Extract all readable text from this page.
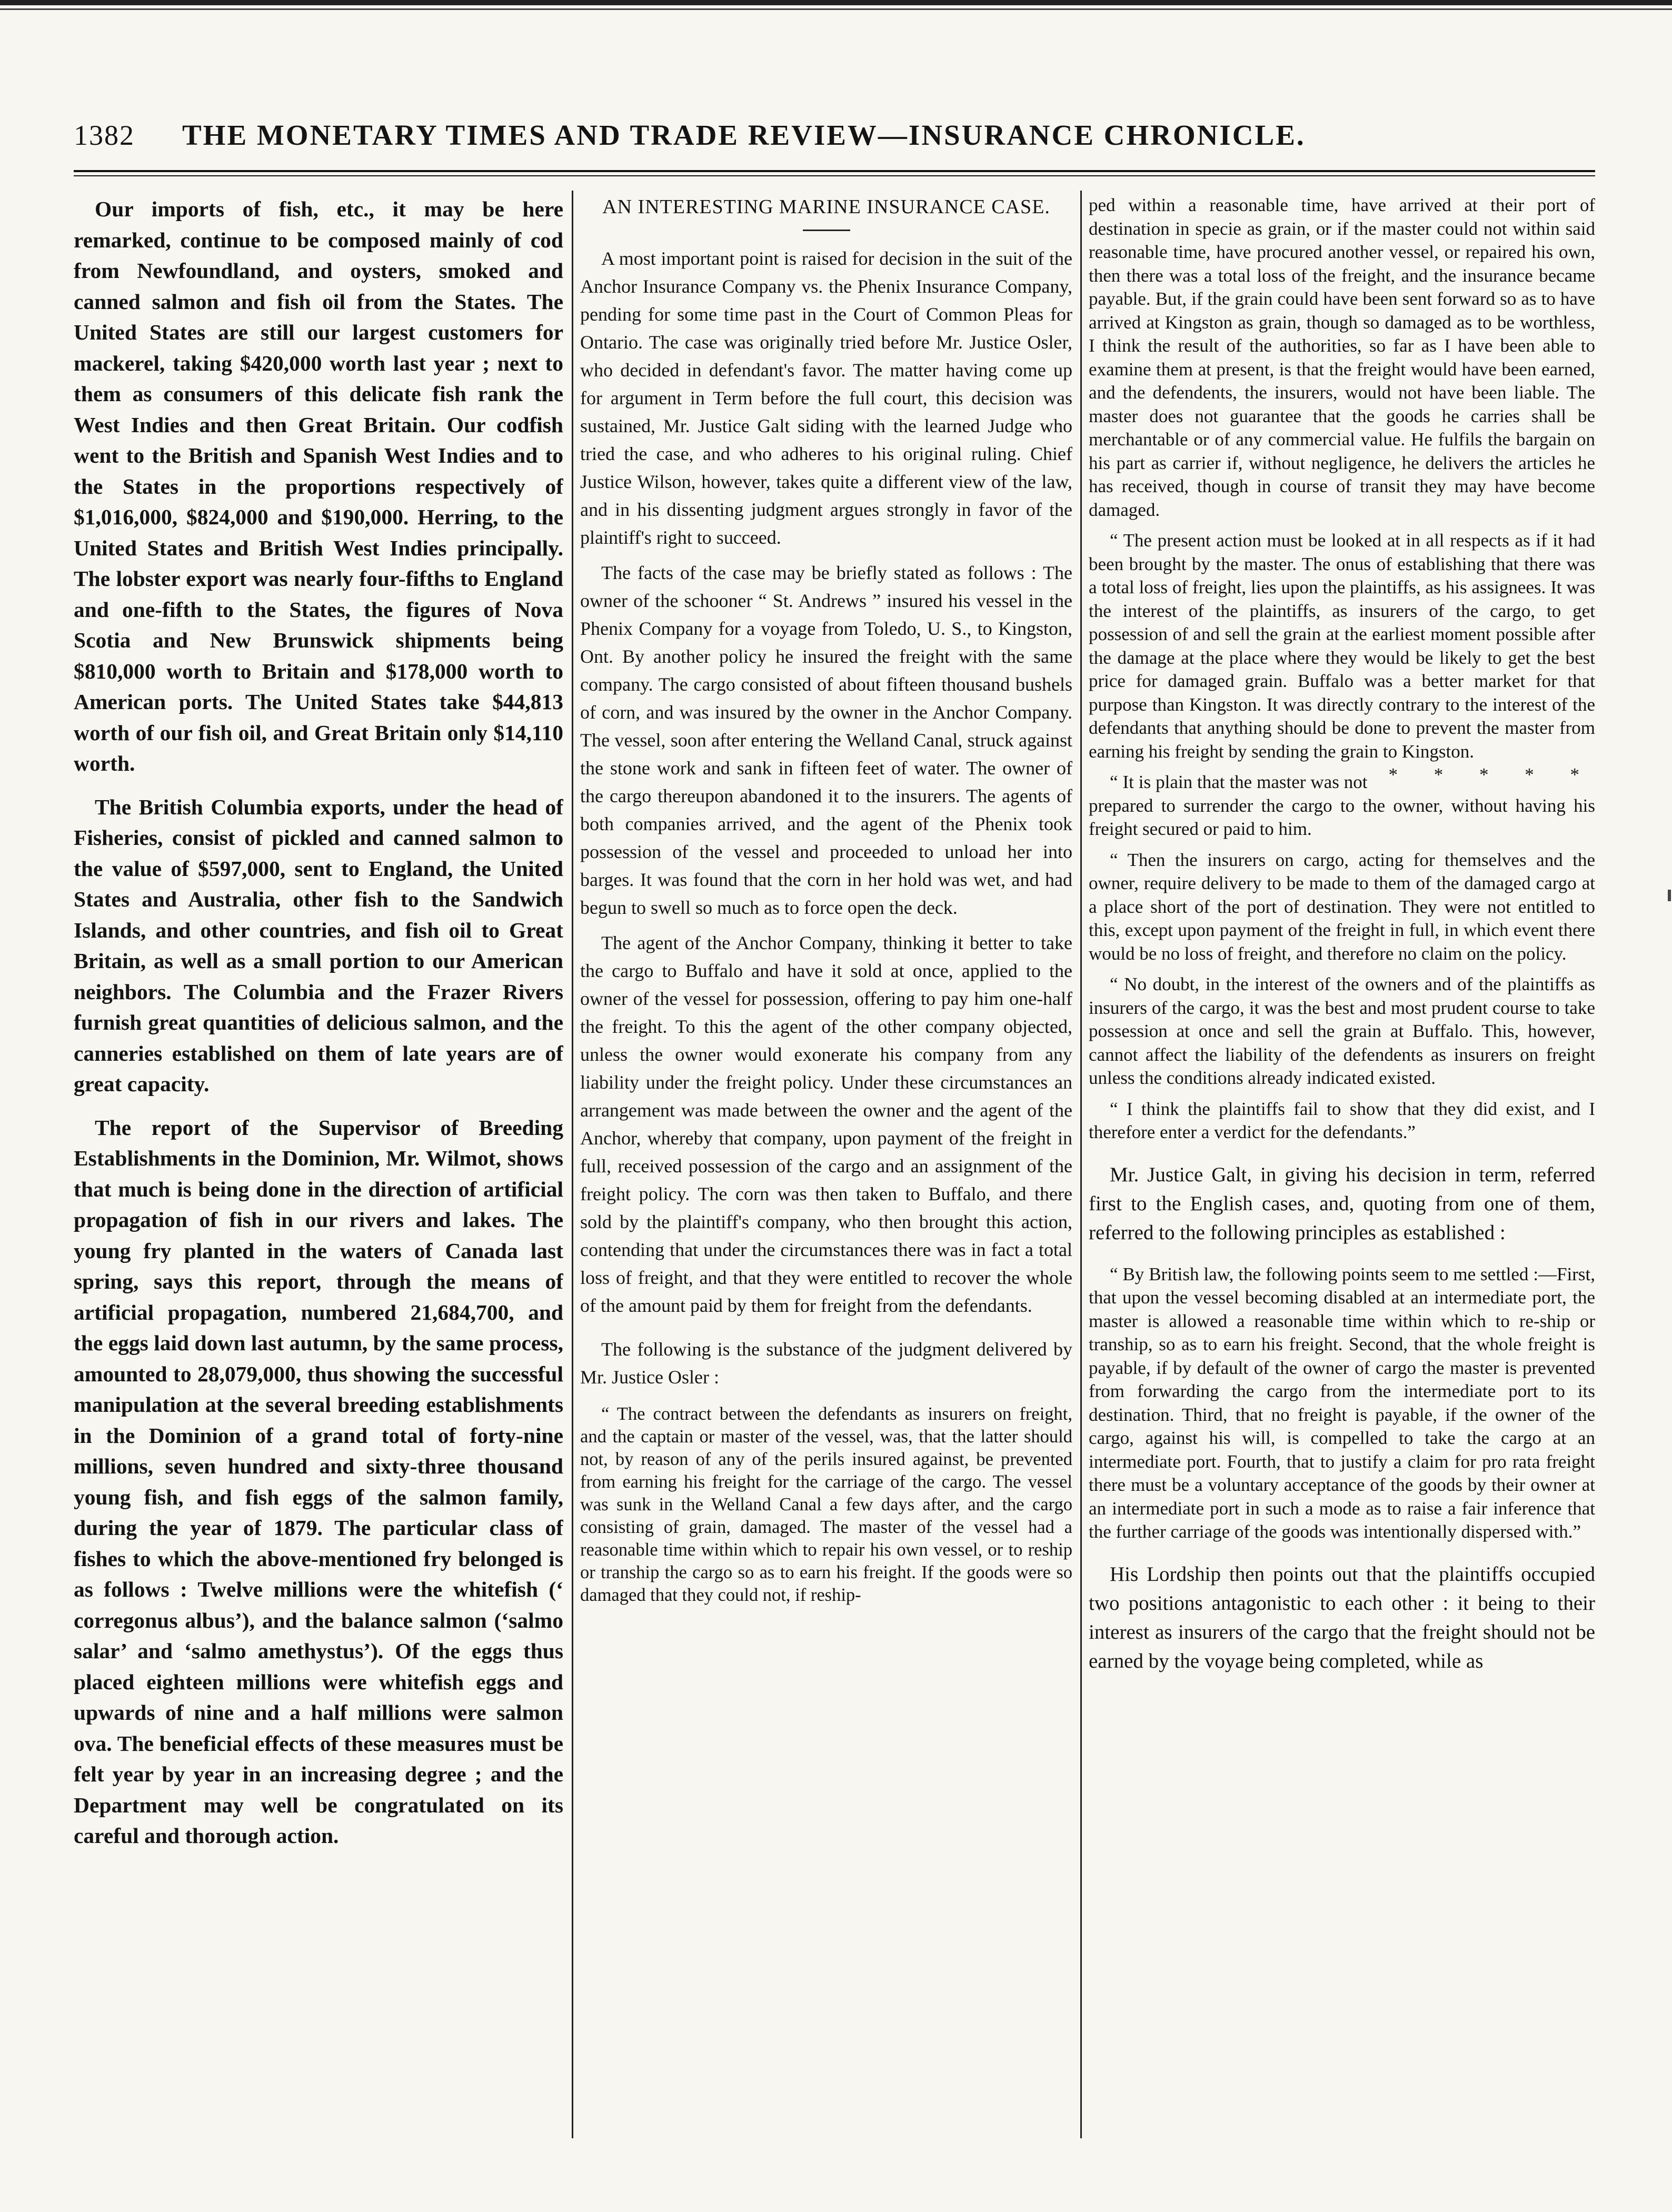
1382 THE MONETARY TIMES AND TRADE REVIEW—INSURANCE CHRONICLE.

Our imports of fish, etc., it may be here remarked, continue to be composed mainly of cod from Newfoundland, and oysters, smoked and canned salmon and fish oil from the States. The United States are still our largest customers for mackerel, taking $420,000 worth last year ; next to them as consumers of this delicate fish rank the West Indies and then Great Britain. Our codfish went to the British and Spanish West Indies and to the States in the proportions respectively of $1,016,000, $824,000 and $190,000. Herring, to the United States and British West Indies principally. The lobster export was nearly four-fifths to England and one-fifth to the States, the figures of Nova Scotia and New Brunswick shipments being $810,000 worth to Britain and $178,000 worth to American ports. The United States take $44,813 worth of our fish oil, and Great Britain only $14,110 worth.

The British Columbia exports, under the head of Fisheries, consist of pickled and canned salmon to the value of $597,000, sent to England, the United States and Australia, other fish to the Sandwich Islands, and other countries, and fish oil to Great Britain, as well as a small portion to our American neighbors. The Columbia and the Frazer Rivers furnish great quantities of delicious salmon, and the canneries established on them of late years are of great capacity.

The report of the Supervisor of Breeding Establishments in the Dominion, Mr. Wilmot, shows that much is being done in the direction of artificial propagation of fish in our rivers and lakes. The young fry planted in the waters of Canada last spring, says this report, through the means of artificial propagation, numbered 21,684,700, and the eggs laid down last autumn, by the same process, amounted to 28,079,000, thus showing the successful manipulation at the several breeding establishments in the Dominion of a grand total of forty-nine millions, seven hundred and sixty-three thousand young fish, and fish eggs of the salmon family, during the year of 1879. The particular class of fishes to which the above-mentioned fry belonged is as follows : Twelve millions were the whitefish (‘ corregonus albus’), and the balance salmon (‘salmo salar’ and ‘salmo amethystus’). Of the eggs thus placed eighteen millions were whitefish eggs and upwards of nine and a half millions were salmon ova. The beneficial effects of these measures must be felt year by year in an increasing degree ; and the Department may well be congratulated on its careful and thorough action.

AN INTERESTING MARINE INSURANCE CASE.

A most important point is raised for decision in the suit of the Anchor Insurance Company vs. the Phenix Insurance Company, pending for some time past in the Court of Common Pleas for Ontario. The case was originally tried before Mr. Justice Osler, who decided in defendant's favor. The matter having come up for argument in Term before the full court, this decision was sustained, Mr. Justice Galt siding with the learned Judge who tried the case, and who adheres to his original ruling. Chief Justice Wilson, however, takes quite a different view of the law, and in his dissenting judgment argues strongly in favor of the plaintiff's right to succeed.

The facts of the case may be briefly stated as follows : The owner of the schooner “ St. Andrews ” insured his vessel in the Phenix Company for a voyage from Toledo, U. S., to Kingston, Ont. By another policy he insured the freight with the same company. The cargo consisted of about fifteen thousand bushels of corn, and was insured by the owner in the Anchor Company. The vessel, soon after entering the Welland Canal, struck against the stone work and sank in fifteen feet of water. The owner of the cargo thereupon abandoned it to the insurers. The agents of both companies arrived, and the agent of the Phenix took possession of the vessel and proceeded to unload her into barges. It was found that the corn in her hold was wet, and had begun to swell so much as to force open the deck.

The agent of the Anchor Company, thinking it better to take the cargo to Buffalo and have it sold at once, applied to the owner of the vessel for possession, offering to pay him one-half the freight. To this the agent of the other company objected, unless the owner would exonerate his company from any liability under the freight policy. Under these circumstances an arrangement was made between the owner and the agent of the Anchor, whereby that company, upon payment of the freight in full, received possession of the cargo and an assignment of the freight policy. The corn was then taken to Buffalo, and there sold by the plaintiff's company, who then brought this action, contending that under the circumstances there was in fact a total loss of freight, and that they were entitled to recover the whole of the amount paid by them for freight from the defendants.

The following is the substance of the judgment delivered by Mr. Justice Osler :

“ The contract between the defendants as insurers on freight, and the captain or master of the vessel, was, that the latter should not, by reason of any of the perils insured against, be prevented from earning his freight for the carriage of the cargo. The vessel was sunk in the Welland Canal a few days after, and the cargo consisting of grain, damaged. The master of the vessel had a reasonable time within which to repair his own vessel, or to reship or tranship the cargo so as to earn his freight. If the goods were so damaged that they could not, if reship-

ped within a reasonable time, have arrived at their port of destination in specie as grain, or if the master could not within said reasonable time, have procured another vessel, or repaired his own, then there was a total loss of the freight, and the insurance became payable. But, if the grain could have been sent forward so as to have arrived at Kingston as grain, though so damaged as to be worthless, I think the result of the authorities, so far as I have been able to examine them at present, is that the freight would have been earned, and the defendents, the insurers, would not have been liable. The master does not guarantee that the goods he carries shall be merchantable or of any commercial value. He fulfils the bargain on his part as carrier if, without negligence, he delivers the articles he has received, though in course of transit they may have become damaged.

“ The present action must be looked at in all respects as if it had been brought by the master. The onus of establishing that there was a total loss of freight, lies upon the plaintiffs, as his assignees. It was the interest of the plaintiffs, as insurers of the cargo, to get possession of and sell the grain at the earliest moment possible after the damage at the place where they would be likely to get the best price for damaged grain. Buffalo was a better market for that purpose than Kingston. It was directly contrary to the interest of the defendants that anything should be done to prevent the master from earning his freight by sending the grain to Kingston.
* * * * *

“ It is plain that the master was not prepared to surrender the cargo to the owner, without having his freight secured or paid to him.

“ Then the insurers on cargo, acting for themselves and the owner, require delivery to be made to them of the damaged cargo at a place short of the port of destination. They were not entitled to this, except upon payment of the freight in full, in which event there would be no loss of freight, and therefore no claim on the policy.

“ No doubt, in the interest of the owners and of the plaintiffs as insurers of the cargo, it was the best and most prudent course to take possession at once and sell the grain at Buffalo. This, however, cannot affect the liability of the defendents as insurers on freight unless the conditions already indicated existed.

“ I think the plaintiffs fail to show that they did exist, and I therefore enter a verdict for the defendants.”

Mr. Justice Galt, in giving his decision in term, referred first to the English cases, and, quoting from one of them, referred to the following principles as established :

“ By British law, the following points seem to me settled :—First, that upon the vessel becoming disabled at an intermediate port, the master is allowed a reasonable time within which to re-ship or tranship, so as to earn his freight. Second, that the whole freight is payable, if by default of the owner of cargo the master is prevented from forwarding the cargo from the intermediate port to its destination. Third, that no freight is payable, if the owner of the cargo, against his will, is compelled to take the cargo at an intermediate port. Fourth, that to justify a claim for pro rata freight there must be a voluntary acceptance of the goods by their owner at an intermediate port in such a mode as to raise a fair inference that the further carriage of the goods was intentionally dispersed with.”

His Lordship then points out that the plaintiffs occupied two positions antagonistic to each other : it being to their interest as insurers of the cargo that the freight should not be earned by the voyage being completed, while as
